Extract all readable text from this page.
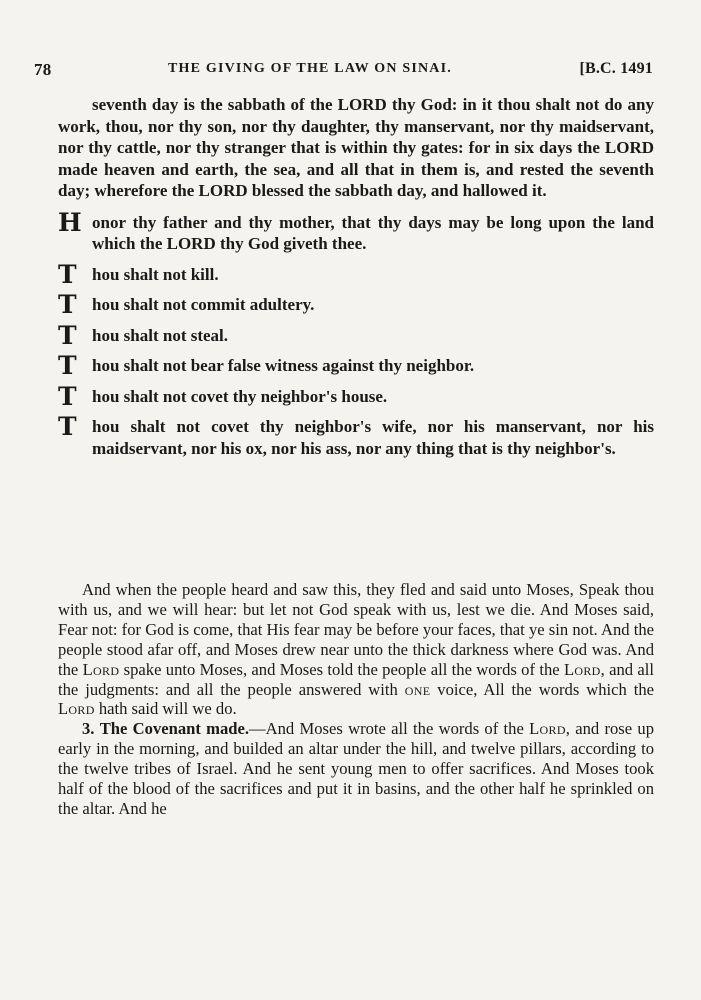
78	THE GIVING OF THE LAW ON SINAI.	[B.C. 1491

seventh day is the sabbath of the LORD thy God: in it thou shalt not do any work, thou, nor thy son, nor thy daughter, thy manservant, nor thy maidservant, nor thy cattle, nor thy stranger that is within thy gates: for in six days the LORD made heaven and earth, the sea, and all that in them is, and rested the seventh day; wherefore the LORD blessed the sabbath day, and hallowed it.

H onor thy father and thy mother, that thy days may be long upon the land which the LORD thy God giveth thee.

T hou shalt not kill.

T hou shalt not commit adultery.

T hou shalt not steal.

T hou shalt not bear false witness against thy neighbor.

T hou shalt not covet thy neighbor's house.

T hou shalt not covet thy neighbor's wife, nor his manservant, nor his maidservant, nor his ox, nor his ass, nor any thing that is thy neighbor's.

And when the people heard and saw this, they fled and said unto Moses, Speak thou with us, and we will hear: but let not God speak with us, lest we die. And Moses said, Fear not: for God is come, that His fear may be before your faces, that ye sin not. And the people stood afar off, and Moses drew near unto the thick darkness where God was. And the Lord spake unto Moses, and Moses told the people all the words of the Lord, and all the judgments: and all the people answered with one voice, All the words which the Lord hath said will we do.

3. The Covenant made.—And Moses wrote all the words of the Lord, and rose up early in the morning, and builded an altar under the hill, and twelve pillars, according to the twelve tribes of Israel. And he sent young men to offer sacrifices. And Moses took half of the blood of the sacrifices and put it in basins, and the other half he sprinkled on the altar. And he
